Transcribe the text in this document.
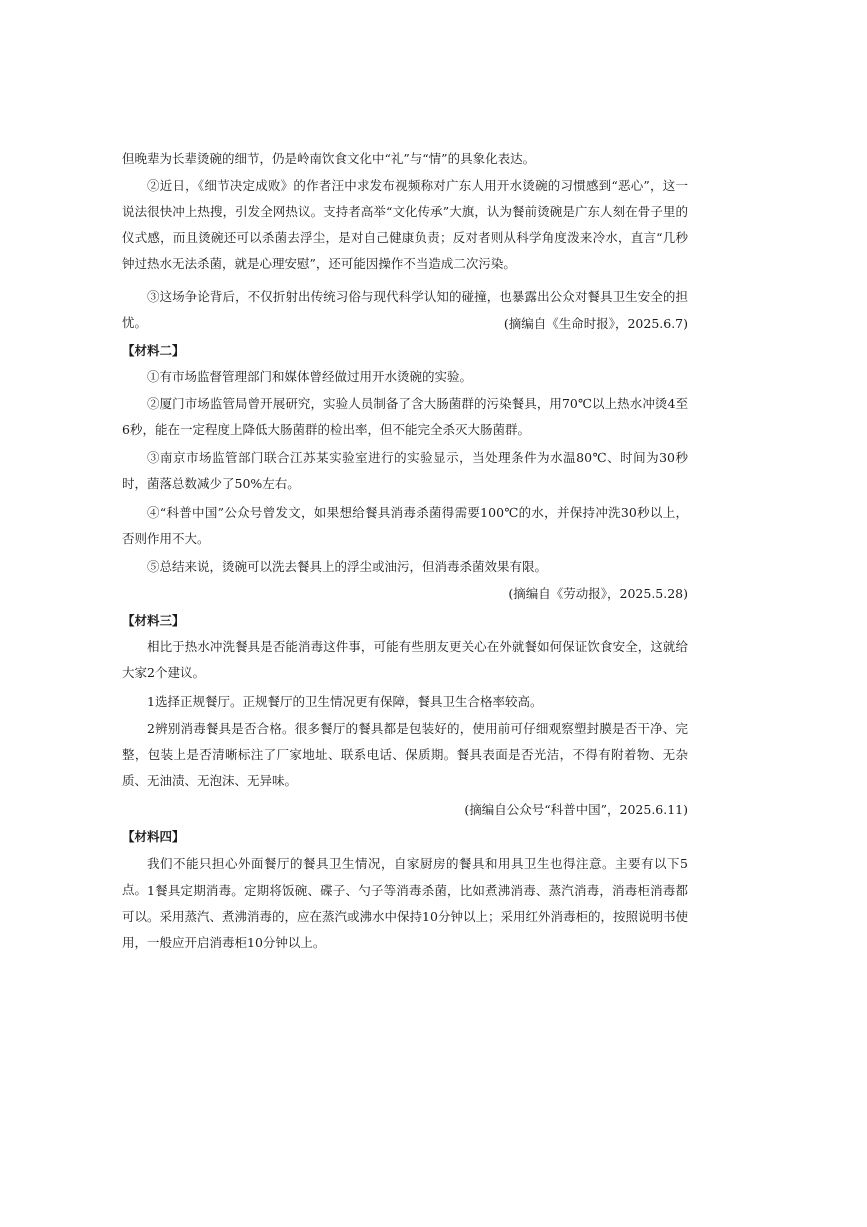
但晚辈为长辈烫碗的细节，仍是岭南饮食文化中“礼”与“情”的具象化表达。

②近日，《细节决定成败》的作者汪中求发布视频称对广东人用开水烫碗的习惯感到“恶心”，这一说法很快冲上热搜，引发全网热议。支持者高举“文化传承”大旗，认为餐前烫碗是广东人刻在骨子里的仪式感，而且烫碗还可以杀菌去浮尘，是对自己健康负责；反对者则从科学角度泼来冷水，直言“几秒钟过热水无法杀菌，就是心理安慰”，还可能因操作不当造成二次污染。

③这场争论背后，不仅折射出传统习俗与现代科学认知的碰撞，也暴露出公众对餐具卫生安全的担忧。	(摘编自《生命时报》，2025.6.7)

【材料二】

①有市场监督管理部门和媒体曾经做过用开水烫碗的实验。

②厦门市场监管局曾开展研究，实验人员制备了含大肠菌群的污染餐具，用70℃以上热水冲烫4至6秒，能在一定程度上降低大肠菌群的检出率，但不能完全杀灭大肠菌群。

③南京市场监管部门联合江苏某实验室进行的实验显示，当处理条件为水温80℃、时间为30秒时，菌落总数减少了50%左右。

④“科普中国”公众号曾发文，如果想给餐具消毒杀菌得需要100℃的水，并保持冲洗30秒以上，否则作用不大。

⑤总结来说，烫碗可以洗去餐具上的浮尘或油污，但消毒杀菌效果有限。

(摘编自《劳动报》，2025.5.28)

【材料三】

相比于热水冲洗餐具是否能消毒这件事，可能有些朋友更关心在外就餐如何保证饮食安全，这就给大家2个建议。

1选择正规餐厅。正规餐厅的卫生情况更有保障，餐具卫生合格率较高。

2辨别消毒餐具是否合格。很多餐厅的餐具都是包装好的，使用前可仔细观察塑封膜是否干净、完整，包装上是否清晰标注了厂家地址、联系电话、保质期。餐具表面是否光洁，不得有附着物、无杂质、无油渍、无泡沫、无异味。

(摘编自公众号“科普中国”，2025.6.11)

【材料四】

我们不能只担心外面餐厅的餐具卫生情况，自家厨房的餐具和用具卫生也得注意。主要有以下5点。 1餐具定期消毒。定期将饭碗、碟子、勺子等消毒杀菌，比如煮沸消毒、蒸汽消毒，消毒柜消毒都可以。采用蒸汽、煮沸消毒的，应在蒸汽或沸水中保持10分钟以上；采用红外消毒柜的，按照说明书使用，一般应开启消毒柜10分钟以上。
